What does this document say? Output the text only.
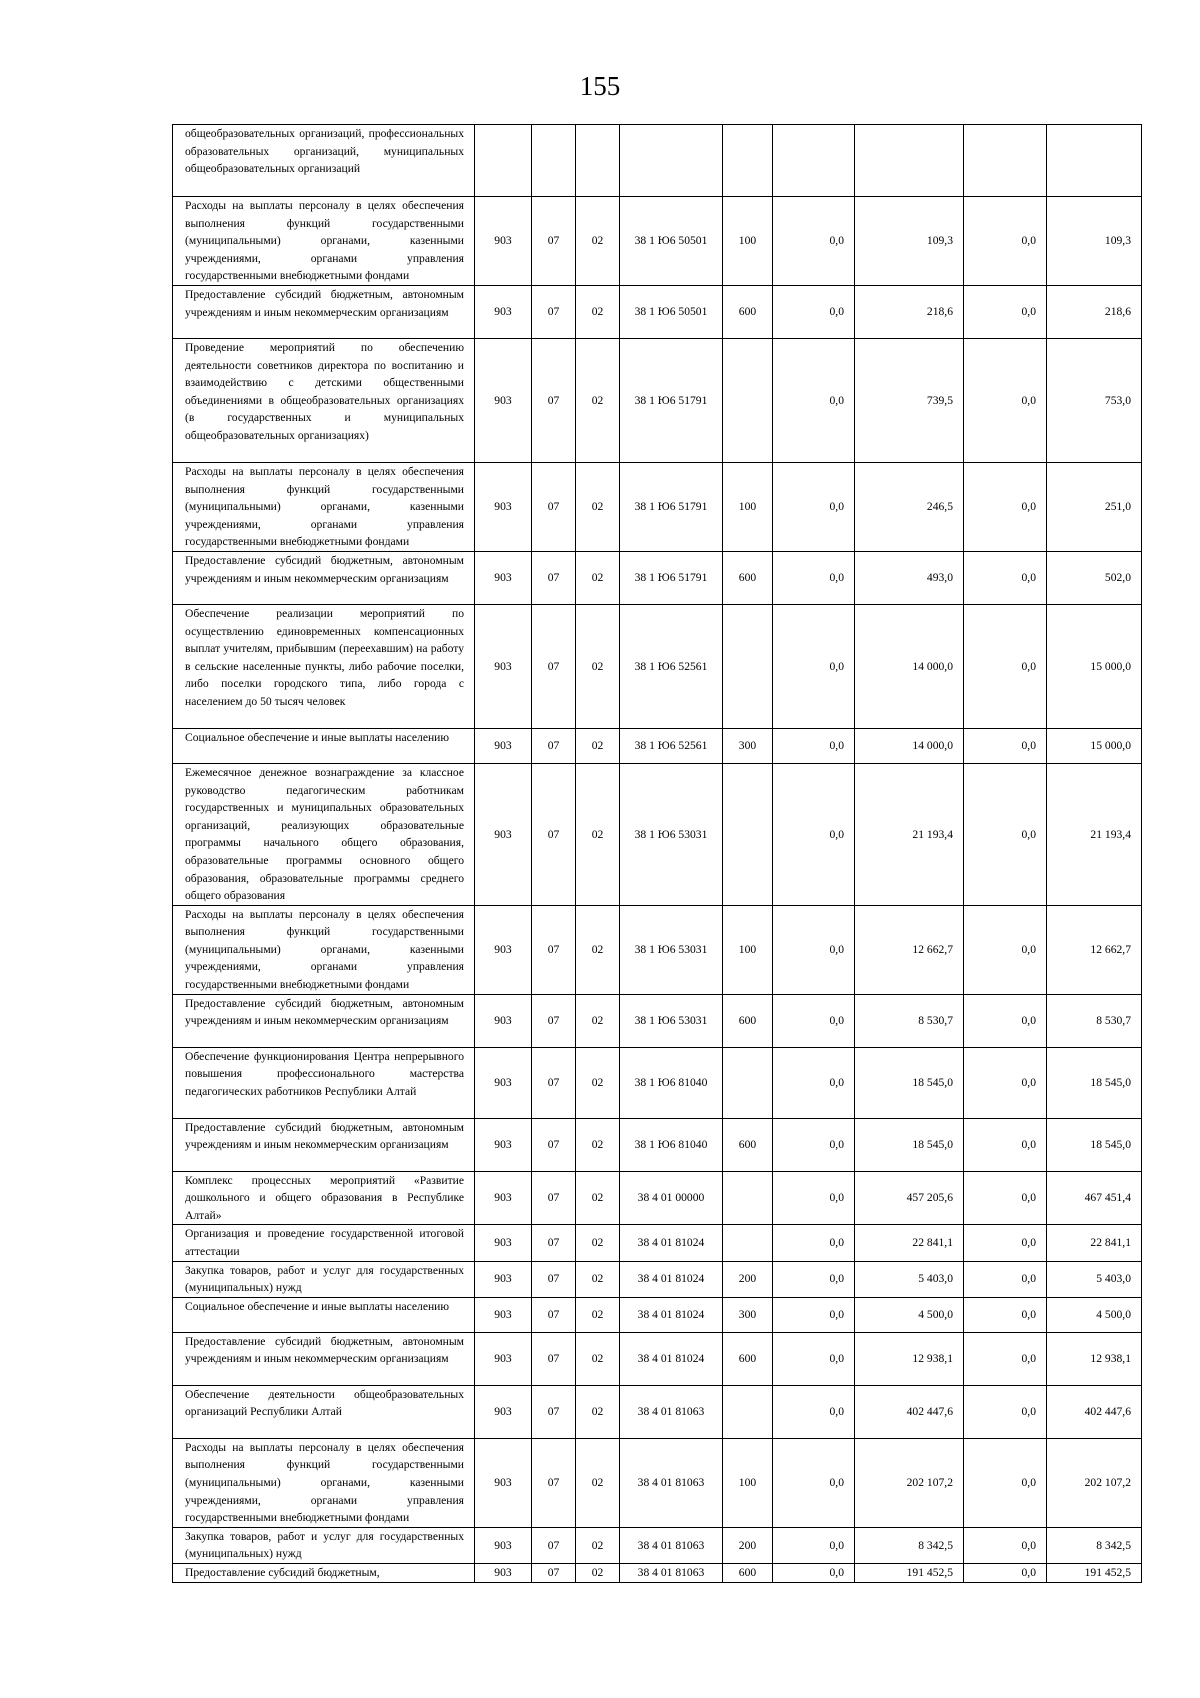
155
общеобразовательных организаций, профессиональных образовательных организаций, муниципальных общеобразовательных организаций									
Расходы на выплаты персоналу в целях обеспечения выполнения функций государственными (муниципальными) органами, казенными учреждениями, органами управления государственными внебюджетными фондами	903	07	02	38 1 Ю6 50501	100	0,0	109,3	0,0	109,3
Предоставление субсидий бюджетным, автономным учреждениям и иным некоммерческим организациям	903	07	02	38 1 Ю6 50501	600	0,0	218,6	0,0	218,6
Проведение мероприятий по обеспечению деятельности советников директора по воспитанию и взаимодействию с детскими общественными объединениями в общеобразовательных организациях (в государственных и муниципальных общеобразовательных организациях)	903	07	02	38 1 Ю6 51791		0,0	739,5	0,0	753,0
Расходы на выплаты персоналу в целях обеспечения выполнения функций государственными (муниципальными) органами, казенными учреждениями, органами управления государственными внебюджетными фондами	903	07	02	38 1 Ю6 51791	100	0,0	246,5	0,0	251,0
Предоставление субсидий бюджетным, автономным учреждениям и иным некоммерческим организациям	903	07	02	38 1 Ю6 51791	600	0,0	493,0	0,0	502,0
Обеспечение реализации мероприятий по осуществлению единовременных компенсационных выплат учителям, прибывшим (переехавшим) на работу в сельские населенные пункты, либо рабочие поселки, либо поселки городского типа, либо города с населением до 50 тысяч человек	903	07	02	38 1 Ю6 52561		0,0	14 000,0	0,0	15 000,0
Социальное обеспечение и иные выплаты населению	903	07	02	38 1 Ю6 52561	300	0,0	14 000,0	0,0	15 000,0
Ежемесячное денежное вознаграждение за классное руководство педагогическим работникам государственных и муниципальных образовательных организаций, реализующих образовательные программы начального общего образования, образовательные программы основного общего образования, образовательные программы среднего общего образования	903	07	02	38 1 Ю6 53031		0,0	21 193,4	0,0	21 193,4
Расходы на выплаты персоналу в целях обеспечения выполнения функций государственными (муниципальными) органами, казенными учреждениями, органами управления государственными внебюджетными фондами	903	07	02	38 1 Ю6 53031	100	0,0	12 662,7	0,0	12 662,7
Предоставление субсидий бюджетным, автономным учреждениям и иным некоммерческим организациям	903	07	02	38 1 Ю6 53031	600	0,0	8 530,7	0,0	8 530,7
Обеспечение функционирования Центра непрерывного повышения профессионального мастерства педагогических работников Республики Алтай	903	07	02	38 1 Ю6 81040		0,0	18 545,0	0,0	18 545,0
Предоставление субсидий бюджетным, автономным учреждениям и иным некоммерческим организациям	903	07	02	38 1 Ю6 81040	600	0,0	18 545,0	0,0	18 545,0
Комплекс процессных мероприятий «Развитие дошкольного и общего образования в Республике Алтай»	903	07	02	38 4 01 00000		0,0	457 205,6	0,0	467 451,4
Организация и проведение государственной итоговой аттестации	903	07	02	38 4 01 81024		0,0	22 841,1	0,0	22 841,1
Закупка товаров, работ и услуг для государственных (муниципальных) нужд	903	07	02	38 4 01 81024	200	0,0	5 403,0	0,0	5 403,0
Социальное обеспечение и иные выплаты населению	903	07	02	38 4 01 81024	300	0,0	4 500,0	0,0	4 500,0
Предоставление субсидий бюджетным, автономным учреждениям и иным некоммерческим организациям	903	07	02	38 4 01 81024	600	0,0	12 938,1	0,0	12 938,1
Обеспечение деятельности общеобразовательных организаций Республики Алтай	903	07	02	38 4 01 81063		0,0	402 447,6	0,0	402 447,6
Расходы на выплаты персоналу в целях обеспечения выполнения функций государственными (муниципальными) органами, казенными учреждениями, органами управления государственными внебюджетными фондами	903	07	02	38 4 01 81063	100	0,0	202 107,2	0,0	202 107,2
Закупка товаров, работ и услуг для государственных (муниципальных) нужд	903	07	02	38 4 01 81063	200	0,0	8 342,5	0,0	8 342,5
Предоставление субсидий бюджетным,	903	07	02	38 4 01 81063	600	0,0	191 452,5	0,0	191 452,5
